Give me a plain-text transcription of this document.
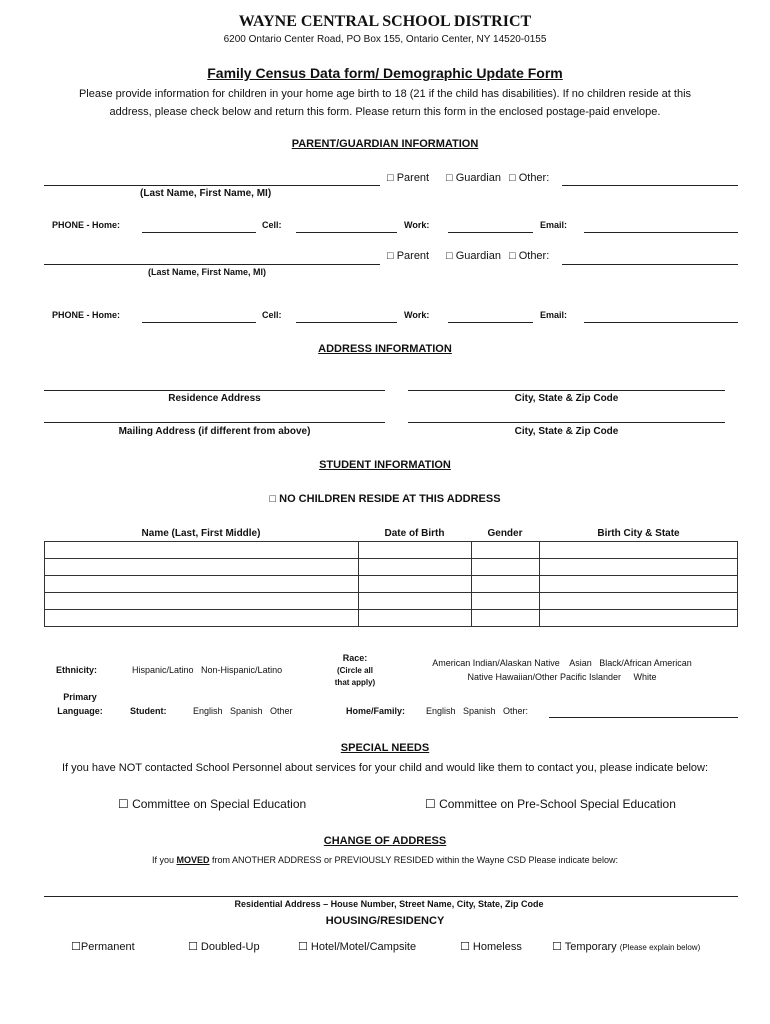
WAYNE CENTRAL SCHOOL DISTRICT
6200 Ontario Center Road, PO Box 155, Ontario Center, NY 14520-0155
Family Census Data form/ Demographic Update Form
Please provide information for children in your home age birth to 18 (21 if the child has disabilities). If no children reside at this
address, please check below and return this form. Please return this form in the enclosed postage-paid envelope.
PARENT/GUARDIAN INFORMATION
□ Parent □ Guardian □ Other:
(Last Name, First Name, MI)
PHONE - Home:	Cell:	Work:	Email:
□ Parent □ Guardian □ Other:
(Last Name, First Name, MI)
PHONE - Home:	Cell:	Work:	Email:
ADDRESS INFORMATION
Residence Address	City, State & Zip Code
Mailing Address (if different from above)	City, State & Zip Code
STUDENT INFORMATION
□ NO CHILDREN RESIDE AT THIS ADDRESS
Name (Last, First Middle)	Date of Birth	Gender	Birth City & State

Ethnicity:	Hispanic/Latino   Non-Hispanic/Latino
Race:
(Circle all
that apply)
American Indian/Alaskan Native    Asian   Black/African American
Native Hawaiian/Other Pacific Islander     White
Primary
Language:	Student:	English   Spanish   Other	Home/Family: English   Spanish   Other:
SPECIAL NEEDS
If you have NOT contacted School Personnel about services for your child and would like them to contact you, please indicate below:
☐ Committee on Special Education	☐ Committee on Pre-School Special Education
CHANGE OF ADDRESS
If you MOVED from ANOTHER ADDRESS or PREVIOUSLY RESIDED within the Wayne CSD Please indicate below:
Residential Address – House Number, Street Name, City, State, Zip Code
HOUSING/RESIDENCY
☐Permanent	☐ Doubled-Up	☐ Hotel/Motel/Campsite	☐ Homeless	☐ Temporary (Please explain below)
